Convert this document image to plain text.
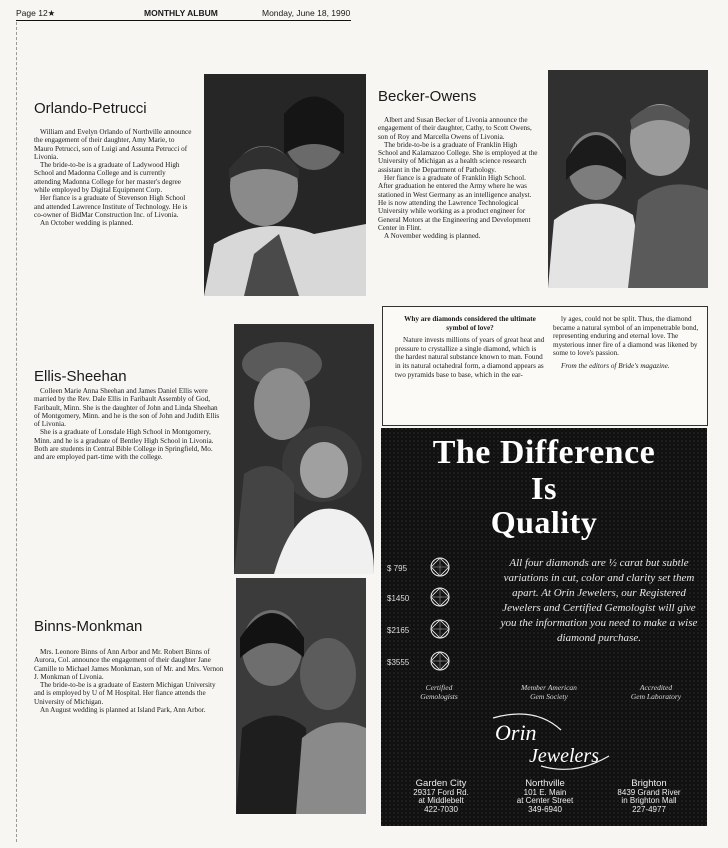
Page 12★	MONTHLY ALBUM	Monday, June 18, 1990
Orlando-Petrucci

William and Evelyn Orlando of Northville announce the engagement of their daughter, Amy Marie, to Mauro Petrucci, son of Luigi and Assunta Petrucci of Livonia.

The bride-to-be is a graduate of Ladywood High School and Madonna College and is currently attending Madonna College for her master's degree while employed by Digital Equipment Corp.

Her fiance is a graduate of Stevenson High School and attended Lawrence Institute of Technology. He is co-owner of BidMar Construction Inc. of Livonia.

An October wedding is planned.

Becker-Owens

Albert and Susan Becker of Livonia announce the engagement of their daughter, Cathy, to Scott Owens, son of Roy and Marcella Owens of Livonia.

The bride-to-be is a graduate of Franklin High School and Kalamazoo College. She is employed at the University of Michigan as a health science research assistant in the Department of Pathology.

Her fiance is a graduate of Franklin High School. After graduation he entered the Army where he was stationed in West Germany as an intelligence analyst. He is now attending the Lawrence Technological University while working as a product engineer for General Motors at the Engineering and Development Center in Flint.

A November wedding is planned.

Ellis-Sheehan

Colleen Marie Anna Sheehan and James Daniel Ellis were married by the Rev. Dale Ellis in Faribault Assembly of God, Faribault, Minn. She is the daughter of John and Linda Sheehan of Montgomery, Minn. and he is the son of John and Judith Ellis of Livonia.

She is a graduate of Lonsdale High School in Montgomery, Minn. and he is a graduate of Bentley High School in Livonia. Both are students in Central Bible College in Springfield, Mo. and are employed part-time with the college.

Binns-Monkman

Mrs. Leonore Binns of Ann Arbor and Mr. Robert Binns of Aurora, Col. announce the engagement of their daughter Jane Camille to Michael James Monkman, son of Mr. and Mrs. Vernon J. Monkman of Livonia.

The bride-to-be is a graduate of Eastern Michigan University and is employed by U of M Hospital. Her fiance attends the University of Michigan.

An August wedding is planned at Island Park, Ann Arbor.

Why are diamonds considered the ultimate symbol of love?

Nature invests millions of years of great heat and pressure to crystallize a single diamond, which is the hardest natural substance known to man. Found in its natural octahedral form, a diamond appears as two pyramids base to base, which in the ear-

ly ages, could not be split. Thus, the diamond became a natural symbol of an impenetrable bond, representing enduring and eternal love. The mysterious inner fire of a diamond was likened by some to love's passion.

From the editors of Bride's magazine.

The Difference
Is
Quality
$ 795
$1450
$2165
$3555
All four diamonds are ½ carat but subtle variations in cut, color and clarity set them apart. At Orin Jewelers, our Registered Jewelers and Certified Gemologist will give you the information you need to make a wise diamond purchase.
Certified
Gemologists
Member American
Gem Society
Accredited
Gem Laboratory
Orin
Jewelers
Garden City
29317 Ford Rd.
at Middlebelt
422-7030
Northville
101 E. Main
at Center Street
349-6940
Brighton
8439 Grand River
in Brighton Mall
227-4977
